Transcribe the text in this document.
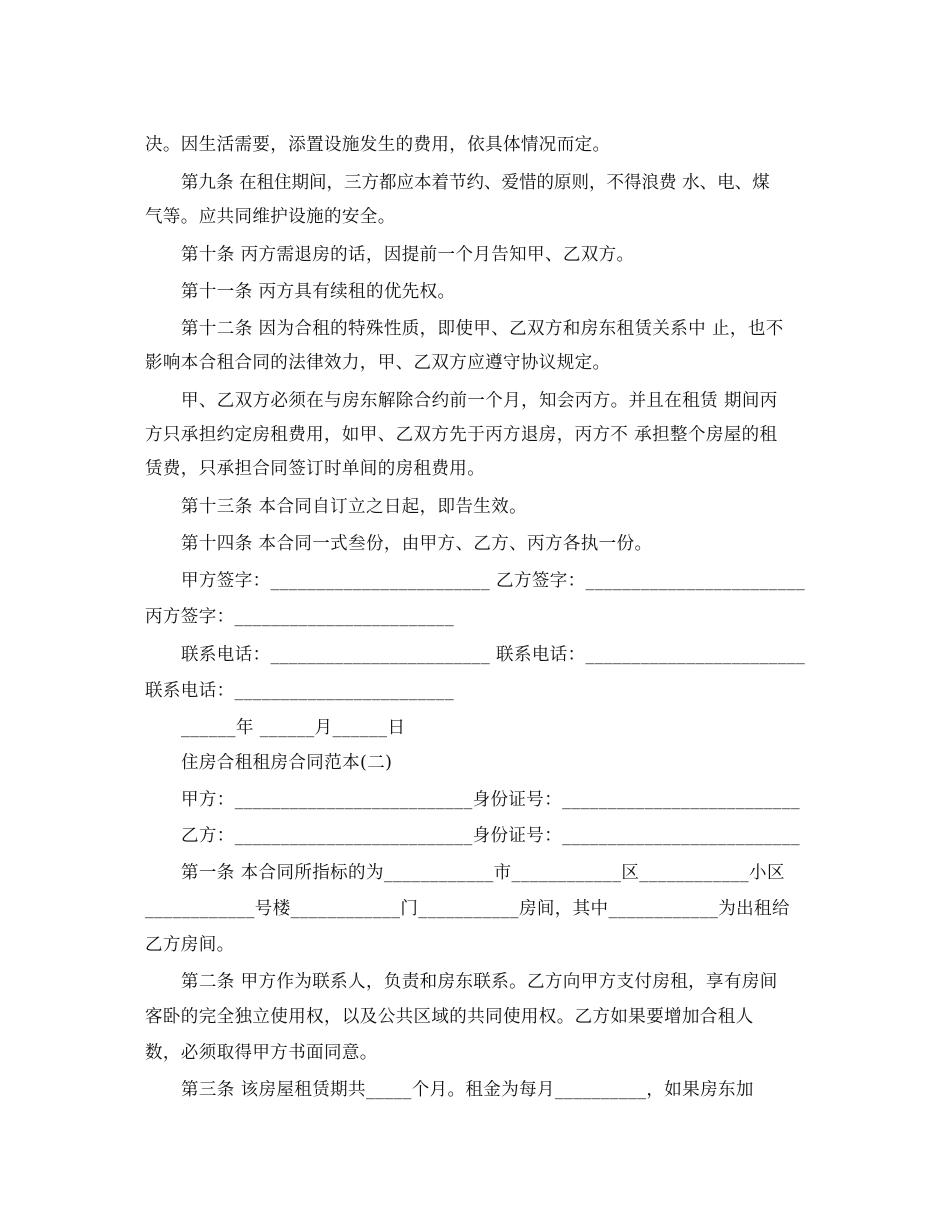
决。因生活需要，添置设施发生的费用，依具体情况而定。
第九条 在租住期间，三方都应本着节约、爱惜的原则，不得浪费 水、电、煤
气等。应共同维护设施的安全。
第十条 丙方需退房的话，因提前一个月告知甲、乙双方。
第十一条 丙方具有续租的优先权。
第十二条 因为合租的特殊性质，即使甲、乙双方和房东租赁关系中 止，也不
影响本合租合同的法律效力，甲、乙双方应遵守协议规定。
甲、乙双方必须在与房东解除合约前一个月，知会丙方。并且在租赁 期间丙
方只承担约定房租费用，如甲、乙双方先于丙方退房，丙方不 承担整个房屋的租
赁费，只承担合同签订时单间的房租费用。
第十三条 本合同自订立之日起，即告生效。
第十四条 本合同一式叁份，由甲方、乙方、丙方各执一份。
甲方签字：________________________ 乙方签字：________________________
丙方签字：________________________
联系电话：________________________ 联系电话：________________________
联系电话：________________________
______年 ______月______日
住房合租租房合同范本(二)
甲方：__________________________身份证号：__________________________
乙方：__________________________身份证号：__________________________
第一条 本合同所指标的为____________市____________区____________小区
____________号楼____________门___________房间，其中____________为出租给
乙方房间。
第二条 甲方作为联系人，负责和房东联系。乙方向甲方支付房租，享有房间
客卧的完全独立使用权，以及公共区域的共同使用权。乙方如果要增加合租人
数，必须取得甲方书面同意。
第三条 该房屋租赁期共_____个月。租金为每月__________，如果房东加
